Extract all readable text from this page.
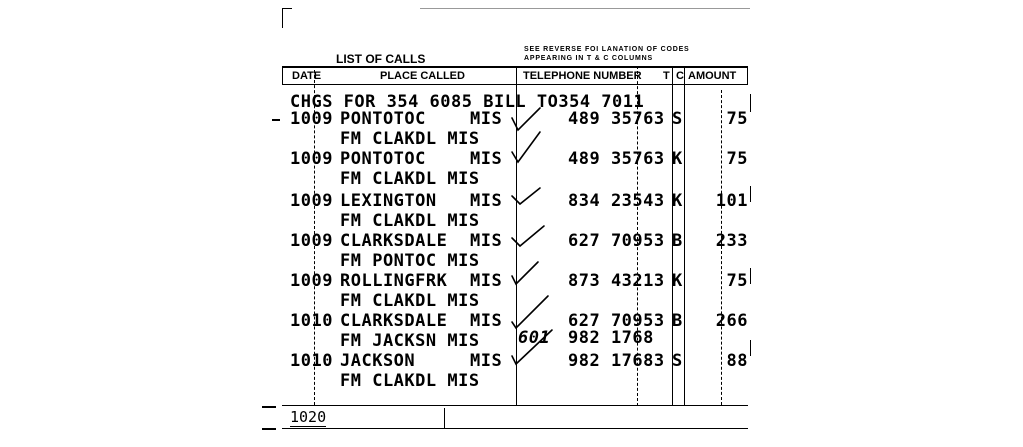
LIST OF CALLS
SEE REVERSE FOI LANATION OF CODES
APPEARING IN T & C COLUMNS
DATE	PLACE CALLED	TELEPHONE NUMBER T C AMOUNT
CHGS FOR 354 6085 BILL TO354 7011
1009 PONTOTOC	MIS	489 35763 S	75
FM CLAKDL MIS
1009 PONTOTOC	MIS	489 35763 K	75
FM CLAKDL MIS
1009 LEXINGTON MIS	834 23543 K	101
FM CLAKDL MIS
1009 CLARKSDALE MIS	627 70953 B	233
FM PONTOC MIS
1009 ROLLINGFRK MIS	873 43213 K	75
FM CLAKDL MIS
1010 CLARKSDALE MIS	627 70953 B	266
FM JACKSN MIS
1010 JACKSON	MIS	982 17683 S	88
FM CLAKDL MIS
601 982 1768
1020
